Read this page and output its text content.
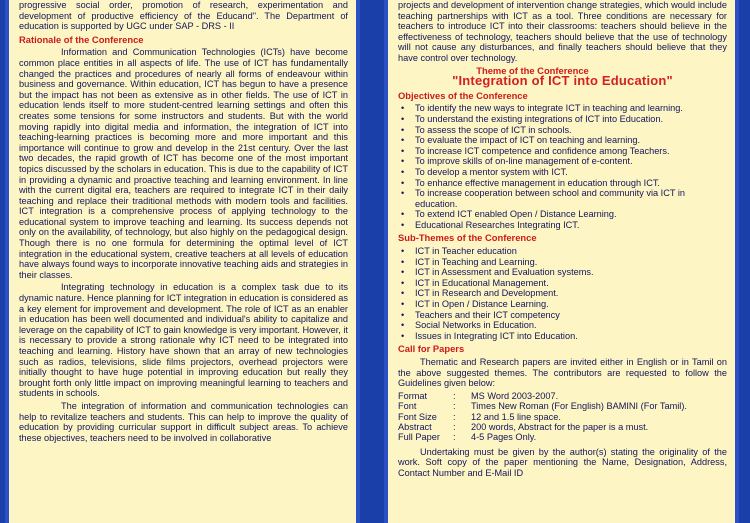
progressive social order, promotion of research, experimentation and development of productive efficiency of the Educand". The Department of education is supported by UGC under SAP - DRS - II

Rationale of the Conference

Information and Communication Technologies (ICTs) have become common place entities in all aspects of life. The use of ICT has fundamentally changed the practices and procedures of nearly all forms of endeavour within business and governance. Within education, ICT has begun to have a presence but the impact has not been as extensive as in other fields. The use of ICT in education lends itself to more student-centred learning settings and often this creates some tensions for some instructors and students. But with the world moving rapidly into digital media and information, the integration of ICT into teaching-learning practices is becoming more and more important and this importance will continue to grow and develop in the 21st century. Over the last two decades, the rapid growth of ICT has become one of the most important topics discussed by the scholars in education. This is due to the capability of ICT in providing a dynamic and proactive teaching and learning environment. In line with the current digital era, teachers are required to integrate ICT in their daily teaching and replace their traditional methods with modern tools and facilities. ICT integration is a comprehensive process of applying technology to the educational system to improve teaching and learning. Its success depends not only on the availability, of technology, but also highly on the pedagogical design. Though there is no one formula for determining the optimal level of ICT integration in the educational system, creative teachers at all levels of education have always found ways to incorporate innovative teaching aids and strategies in their classes.

Integrating technology in education is a complex task due to its dynamic nature. Hence planning for ICT integration in education is considered as a key element for improvement and development. The role of ICT as an enabler in education has been well documented and individual's ability to capitalize and leverage on the capability of ICT to gain knowledge is very important. However, it is necessary to provide a strong rationale why ICT need to be integrated into teaching and learning. History have shown that an array of new technologies such as radios, televisions, slide films projectors, overhead projectors were initially thought to have huge potential in improving education but really they brought forth only little impact on improving meaningful learning to teachers and students in schools.

The integration of information and communication technologies can help to revitalize teachers and students. This can help to improve the quality of education by providing curricular support in difficult subject areas. To achieve these objectives, teachers need to be involved in collaborative

projects and development of intervention change strategies, which would include teaching partnerships with ICT as a tool. Three conditions are necessary for teachers to introduce ICT into their classrooms: teachers should believe in the effectiveness of technology, teachers should believe that the use of technology will not cause any disturbances, and finally teachers should believe that they have control over technology.

Theme of the Conference
"Integration of ICT into Education"
Objectives of the Conference
• To identify the new ways to integrate ICT in teaching and learning.
• To understand the existing integrations of ICT into Education.
• To assess the scope of ICT in schools.
• To evaluate the impact of ICT on teaching and learning.
• To increase ICT competence and confidence among Teachers.
• To improve skills of on-line management of e-content.
• To develop a mentor system with ICT.
• To enhance effective management in education through ICT.
• To increase cooperation between school and community via ICT in education.
• To extend ICT enabled Open / Distance Learning.
• Educational Researches Integrating ICT.
Sub-Themes of the Conference
• ICT in Teacher education
• ICT in Teaching and Learning.
• ICT in Assessment and Evaluation systems.
• ICT in Educational Management.
• ICT in Research and Development.
• ICT in Open / Distance Learning.
• Teachers and their ICT competency
• Social Networks in Education.
• Issues in Integrating ICT into Education.
Call for Papers

Thematic and Research papers are invited either in English or in Tamil on the above suggested themes. The contributors are requested to follow the Guidelines given below:

Format	:	MS Word 2003-2007.
Font	:	Times New Roman (For English) BAMINI (For Tamil).
Font Size	:	12 and 1.5 line space.
Abstract	:	200 words, Abstract for the paper is a must.
Full Paper	:	4-5 Pages Only.

Undertaking must be given by the author(s) stating the originality of the work. Soft copy of the paper mentioning the Name, Designation, Address, Contact Number and E-Mail ID
